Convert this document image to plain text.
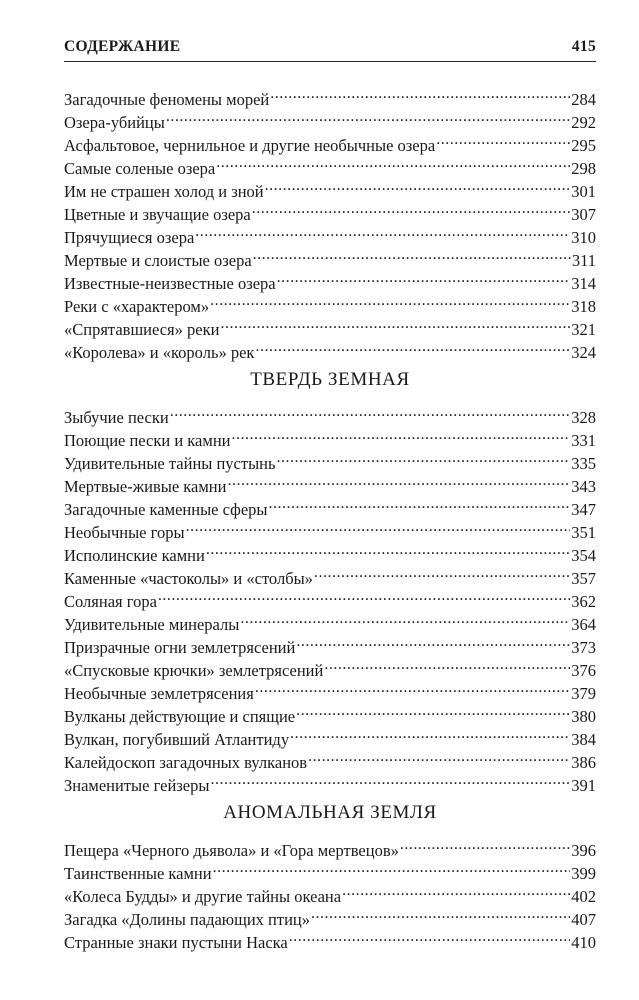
СОДЕРЖАНИЕ	415
Загадочные феномены морей .....	284
Озера-убийцы .....	292
Асфальтовое, чернильное и другие необычные озера .....	295
Самые соленые озера .....	298
Им не страшен холод и зной .....	301
Цветные и звучащие озера .....	307
Прячущиеся озера .....	310
Мертвые и слоистые озера .....	311
Известные-неизвестные озера .....	314
Реки с «характером» .....	318
«Спрятавшиеся» реки .....	321
«Королева» и «король» рек .....	324
ТВЕРДЬ ЗЕМНАЯ
Зыбучие пески .....	328
Поющие пески и камни .....	331
Удивительные тайны пустынь .....	335
Мертвые-живые камни .....	343
Загадочные каменные сферы .....	347
Необычные горы .....	351
Исполинские камни .....	354
Каменные «частоколы» и «столбы» .....	357
Соляная гора .....	362
Удивительные минералы .....	364
Призрачные огни землетрясений .....	373
«Спусковые крючки» землетрясений .....	376
Необычные землетрясения .....	379
Вулканы действующие и спящие .....	380
Вулкан, погубивший Атлантиду .....	384
Калейдоскоп загадочных вулканов .....	386
Знаменитые гейзеры .....	391
АНОМАЛЬНАЯ ЗЕМЛЯ
Пещера «Черного дьявола» и «Гора мертвецов» .....	396
Таинственные камни .....	399
«Колеса Будды» и другие тайны океана .....	402
Загадка «Долины падающих птиц» .....	407
Странные знаки пустыни Наска .....	410
